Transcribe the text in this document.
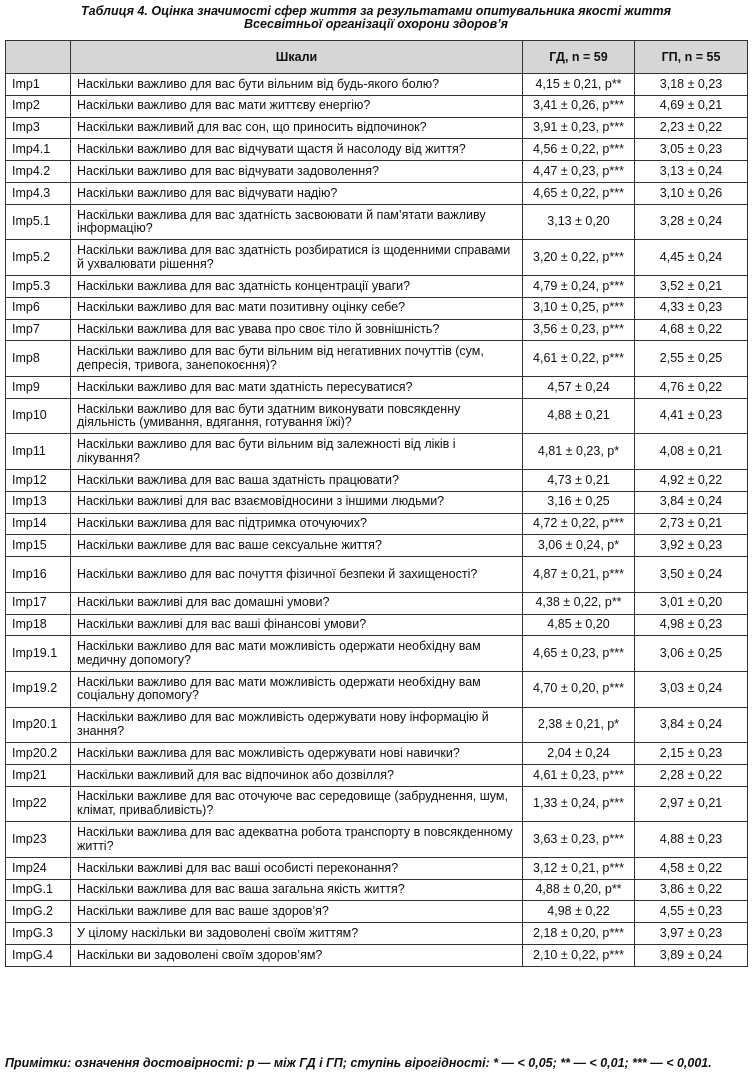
Таблиця 4. Оцінка значимості сфер життя за результатами опитувальника якості життя
Всесвітньої організації охорони здоров’я
	Шкали	ГД, n = 59	ГП, n = 55
Imp1	Наскільки важливо для вас бути вільним від будь-якого болю?	4,15 ± 0,21, p**	3,18 ± 0,23
Imp2	Наскільки важливо для вас мати життєву енергію?	3,41 ± 0,26, p***	4,69 ± 0,21
Imp3	Наскільки важливий для вас сон, що приносить відпочинок?	3,91 ± 0,23, p***	2,23 ± 0,22
Imp4.1	Наскільки важливо для вас відчувати щастя й насолоду від життя?	4,56 ± 0,22, p***	3,05 ± 0,23
Imp4.2	Наскільки важливо для вас відчувати задоволення?	4,47 ± 0,23, p***	3,13 ± 0,24
Imp4.3	Наскільки важливо для вас відчувати надію?	4,65 ± 0,22, p***	3,10 ± 0,26
Imp5.1	Наскільки важлива для вас здатність засвоювати й пам’ятати важливу інформацію?	3,13 ± 0,20	3,28 ± 0,24
Imp5.2	Наскільки важлива для вас здатність розбиратися із щоденними справами й ухвалювати рішення?	3,20 ± 0,22, p***	4,45 ± 0,24
Imp5.3	Наскільки важлива для вас здатність концентрації уваги?	4,79 ± 0,24, p***	3,52 ± 0,21
Imp6	Наскільки важливо для вас мати позитивну оцінку себе?	3,10 ± 0,25, p***	4,33 ± 0,23
Imp7	Наскільки важлива для вас увава про своє тіло й зовнішність?	3,56 ± 0,23, p***	4,68 ± 0,22
Imp8	Наскільки важливо для вас бути вільним від негативних почуттів (сум, депресія, тривога, занепокоєння)?	4,61 ± 0,22, p***	2,55 ± 0,25
Imp9	Наскільки важливо для вас мати здатність пересуватися?	4,57 ± 0,24	4,76 ± 0,22
Imp10	Наскільки важливо для вас бути здатним виконувати повсякденну діяльність (умивання, вдягання, готування їжі)?	4,88 ± 0,21	4,41 ± 0,23
Imp11	Наскільки важливо для вас бути вільним від залежності від ліків і лікування?	4,81 ± 0,23, p*	4,08 ± 0,21
Imp12	Наскільки важлива для вас ваша здатність працювати?	4,73 ± 0,21	4,92 ± 0,22
Imp13	Наскільки важливі для вас взаємовідносини з іншими людьми?	3,16 ± 0,25	3,84 ± 0,24
Imp14	Наскільки важлива для вас підтримка оточуючих?	4,72 ± 0,22, p***	2,73 ± 0,21
Imp15	Наскільки важливе для вас ваше сексуальне життя?	3,06 ± 0,24, p*	3,92 ± 0,23
Imp16	Наскільки важливо для вас почуття фізичної безпеки й захищеності?	4,87 ± 0,21, p***	3,50 ± 0,24
Imp17	Наскільки важливі для вас домашні умови?	4,38 ± 0,22, p**	3,01 ± 0,20
Imp18	Наскільки важливі для вас ваші фінансові умови?	4,85 ± 0,20	4,98 ± 0,23
Imp19.1	Наскільки важливо для вас мати можливість одержати необхідну вам медичну допомогу?	4,65 ± 0,23, p***	3,06 ± 0,25
Imp19.2	Наскільки важливо для вас мати можливість одержати необхідну вам соціальну допомогу?	4,70 ± 0,20, p***	3,03 ± 0,24
Imp20.1	Наскільки важливо для вас можливість одержувати нову інформацію й знання?	2,38 ± 0,21, p*	3,84 ± 0,24
Imp20.2	Наскільки важлива для вас можливість одержувати нові навички?	2,04 ± 0,24	2,15 ± 0,23
Imp21	Наскільки важливий для вас відпочинок або дозвілля?	4,61 ± 0,23, p***	2,28 ± 0,22
Imp22	Наскільки важливе для вас оточуюче вас середовище (забруднення, шум, клімат, привабливість)?	1,33 ± 0,24, p***	2,97 ± 0,21
Imp23	Наскільки важлива для вас адекватна робота транспорту в повсякденному житті?	3,63 ± 0,23, p***	4,88 ± 0,23
Imp24	Наскільки важливі для вас ваші особисті переконання?	3,12 ± 0,21, p***	4,58 ± 0,22
ImpG.1	Наскільки важлива для вас ваша загальна якість життя?	4,88 ± 0,20, p**	3,86 ± 0,22
ImpG.2	Наскільки важливе для вас ваше здоров’я?	4,98 ± 0,22	4,55 ± 0,23
ImpG.3	У цілому наскільки ви задоволені своїм життям?	2,18 ± 0,20, p***	3,97 ± 0,23
ImpG.4	Наскільки ви задоволені своїм здоров’ям?	2,10 ± 0,22, p***	3,89 ± 0,24
Примітки: означення достовірності: p — між ГД і ГП; ступінь вірогідності: * — < 0,05; ** — < 0,01; *** — < 0,001.
